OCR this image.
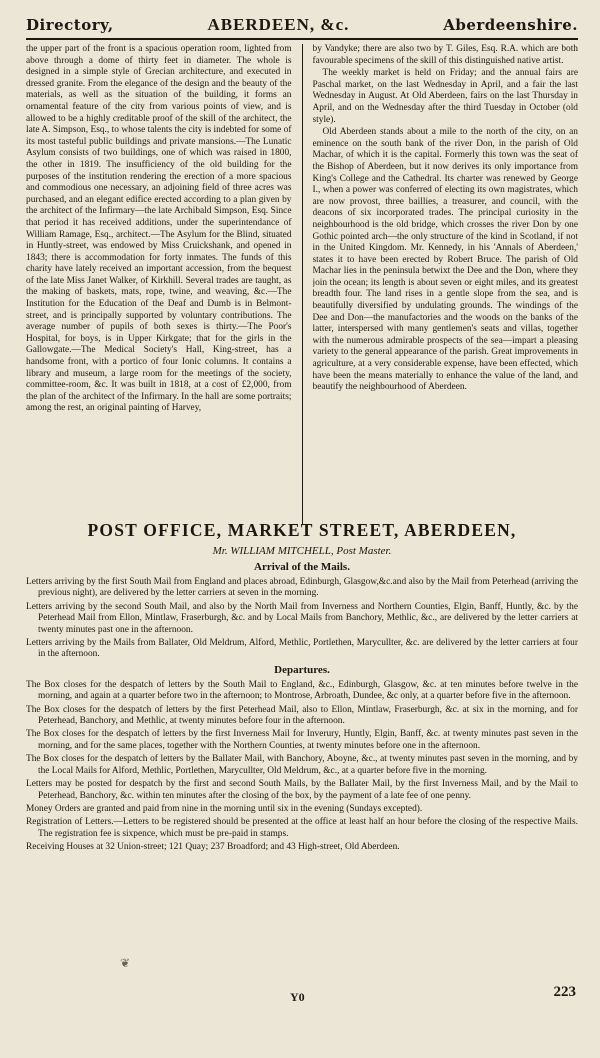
Directory,	ABERDEEN, &c.	Aberdeenshire.

the upper part of the front is a spacious operation room, lighted from above through a dome of thirty feet in diameter. The whole is designed in a simple style of Grecian architecture, and executed in dressed granite. From the elegance of the design and the beauty of the materials, as well as the situation of the building, it forms an ornamental feature of the city from various points of view, and is allowed to be a highly creditable proof of the skill of the architect, the late A. Simpson, Esq., to whose talents the city is indebted for some of its most tasteful public buildings and private mansions.—The Lunatic Asylum consists of two buildings, one of which was raised in 1800, the other in 1819. The insufficiency of the old building for the purposes of the institution rendering the erection of a more spacious and commodious one necessary, an adjoining field of three acres was purchased, and an elegant edifice erected according to a plan given by the architect of the Infirmary—the late Archibald Simpson, Esq. Since that period it has received additions, under the superintendance of William Ramage, Esq., architect.—The Asylum for the Blind, situated in Huntly-street, was endowed by Miss Cruickshank, and opened in 1843; there is accommodation for forty inmates. The funds of this charity have lately received an important accession, from the bequest of the late Miss Janet Walker, of Kirkhill. Several trades are taught, as the making of baskets, mats, rope, twine, and weaving, &c.—The Institution for the Education of the Deaf and Dumb is in Belmont-street, and is principally supported by voluntary contributions. The average number of pupils of both sexes is thirty.—The Poor's Hospital, for boys, is in Upper Kirkgate; that for the girls in the Gallowgate.—The Medical Society's Hall, King-street, has a handsome front, with a portico of four Ionic columns. It contains a library and museum, a large room for the meetings of the society, committee-room, &c. It was built in 1818, at a cost of £2,000, from the plan of the architect of the Infirmary. In the hall are some portraits; among the rest, an original painting of Harvey,

by Vandyke; there are also two by T. Giles, Esq. R.A. which are both favourable specimens of the skill of this distinguished native artist.

The weekly market is held on Friday; and the annual fairs are Paschal market, on the last Wednesday in April, and a fair the last Wednesday in August. At Old Aberdeen, fairs on the last Thursday in April, and on the Wednesday after the third Tuesday in October (old style).

Old Aberdeen stands about a mile to the north of the city, on an eminence on the south bank of the river Don, in the parish of Old Machar, of which it is the capital. Formerly this town was the seat of the Bishop of Aberdeen, but it now derives its only importance from King's College and the Cathedral. Its charter was renewed by George I., when a power was conferred of electing its own magistrates, which are now provost, three baillies, a treasurer, and council, with the deacons of six incorporated trades. The principal curiosity in the neighbourhood is the old bridge, which crosses the river Don by one Gothic pointed arch—the only structure of the kind in Scotland, if not in the United Kingdom. Mr. Kennedy, in his 'Annals of Aberdeen,' states it to have been erected by Robert Bruce. The parish of Old Machar lies in the peninsula betwixt the Dee and the Don, where they join the ocean; its length is about seven or eight miles, and its greatest breadth four. The land rises in a gentle slope from the sea, and is beautifully diversified by undulating grounds. The windings of the Dee and Don—the manufactories and the woods on the banks of the latter, interspersed with many gentlemen's seats and villas, together with the numerous admirable prospects of the sea—impart a pleasing variety to the general appearance of the parish. Great improvements in agriculture, at a very considerable expense, have been effected, which have been the means materially to enhance the value of the land, and beautify the neighbourhood of Aberdeen.

POST OFFICE, MARKET STREET, ABERDEEN,
Mr. WILLIAM MITCHELL, Post Master.
Arrival of the Mails.
Letters arriving by the first South Mail from England and places abroad, Edinburgh, Glasgow,&c.and also by the Mail from Peterhead (arriving the previous night), are delivered by the letter carriers at seven in the morning.
Letters arriving by the second South Mail, and also by the North Mail from Inverness and Northern Counties, Elgin, Banff, Huntly, &c. by the Peterhead Mail from Ellon, Mintlaw, Fraserburgh, &c. and by Local Mails from Banchory, Methlic, &c., are delivered by the letter carriers at twenty minutes past one in the afternoon.
Letters arriving by the Mails from Ballater, Old Meldrum, Alford, Methlic, Portlethen, Marycullter, &c. are delivered by the letter carriers at four in the afternoon.
Departures.
The Box closes for the despatch of letters by the South Mail to England, &c., Edinburgh, Glasgow, &c. at ten minutes before twelve in the morning, and again at a quarter before two in the afternoon; to Montrose, Arbroath, Dundee, &c only, at a quarter before five in the afternoon.
The Box closes for the despatch of letters by the first Peterhead Mail, also to Ellon, Mintlaw, Fraserburgh, &c. at six in the morning, and for Peterhead, Banchory, and Methlic, at twenty minutes before four in the afternoon.
The Box closes for the despatch of letters by the first Inverness Mail for Inverury, Huntly, Elgin, Banff, &c. at twenty minutes past seven in the morning, and for the same places, together with the Northern Counties, at twenty minutes before one in the afternoon.
The Box closes for the despatch of letters by the Ballater Mail, with Banchory, Aboyne, &c., at twenty minutes past seven in the morning, and by the Local Mails for Alford, Methlic, Portlethen, Marycullter, Old Meldrum, &c., at a quarter before five in the morning.
Letters may be posted for despatch by the first and second South Mails, by the Ballater Mail, by the first Inverness Mail, and by the Mail to Peterhead, Banchory, &c. within ten minutes after the closing of the box, by the payment of a late fee of one penny.
Money Orders are granted and paid from nine in the morning until six in the evening (Sundays excepted).
Registration of Letters.—Letters to be registered should be presented at the office at least half an hour before the closing of the respective Mails. The registration fee is sixpence, which must be pre-paid in stamps.
Receiving Houses at 32 Union-street; 121 Quay; 237 Broadford; and 43 High-street, Old Aberdeen.
❦
Y0	223
